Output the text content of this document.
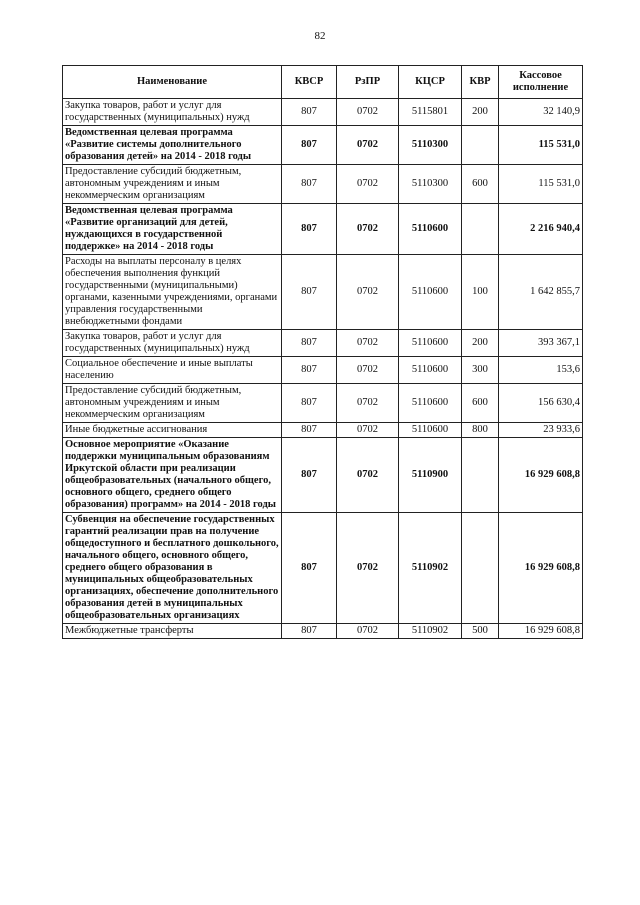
82
Наименование	КВСР	РзПР	КЦСР	КВР	Кассовое исполнение
Закупка товаров, работ и услуг для государственных (муниципальных) нужд	807	0702	5115801	200	32 140,9
Ведомственная целевая программа «Развитие системы дополнительного образования детей» на 2014 - 2018 годы	807	0702	5110300		115 531,0
Предоставление субсидий бюджетным, автономным учреждениям и иным некоммерческим организациям	807	0702	5110300	600	115 531,0
Ведомственная целевая программа «Развитие организаций для детей, нуждающихся в государственной поддержке» на 2014 - 2018 годы	807	0702	5110600		2 216 940,4
Расходы на выплаты персоналу в целях обеспечения выполнения функций государственными (муниципальными) органами, казенными учреждениями, органами управления государственными внебюджетными фондами	807	0702	5110600	100	1 642 855,7
Закупка товаров, работ и услуг для государственных (муниципальных) нужд	807	0702	5110600	200	393 367,1
Социальное обеспечение и иные выплаты населению	807	0702	5110600	300	153,6
Предоставление субсидий бюджетным, автономным учреждениям и иным некоммерческим организациям	807	0702	5110600	600	156 630,4
Иные бюджетные ассигнования	807	0702	5110600	800	23 933,6
Основное мероприятие «Оказание поддержки муниципальным образованиям Иркутской области при реализации общеобразовательных (начального общего, основного общего, среднего общего образования) программ» на 2014 - 2018 годы	807	0702	5110900		16 929 608,8
Субвенция на обеспечение государственных гарантий реализации прав на получение общедоступного и бесплатного дошкольного, начального общего, основного общего, среднего общего образования в муниципальных общеобразовательных организациях, обеспечение дополнительного образования детей в муниципальных общеобразовательных организациях	807	0702	5110902		16 929 608,8
Межбюджетные трансферты	807	0702	5110902	500	16 929 608,8
